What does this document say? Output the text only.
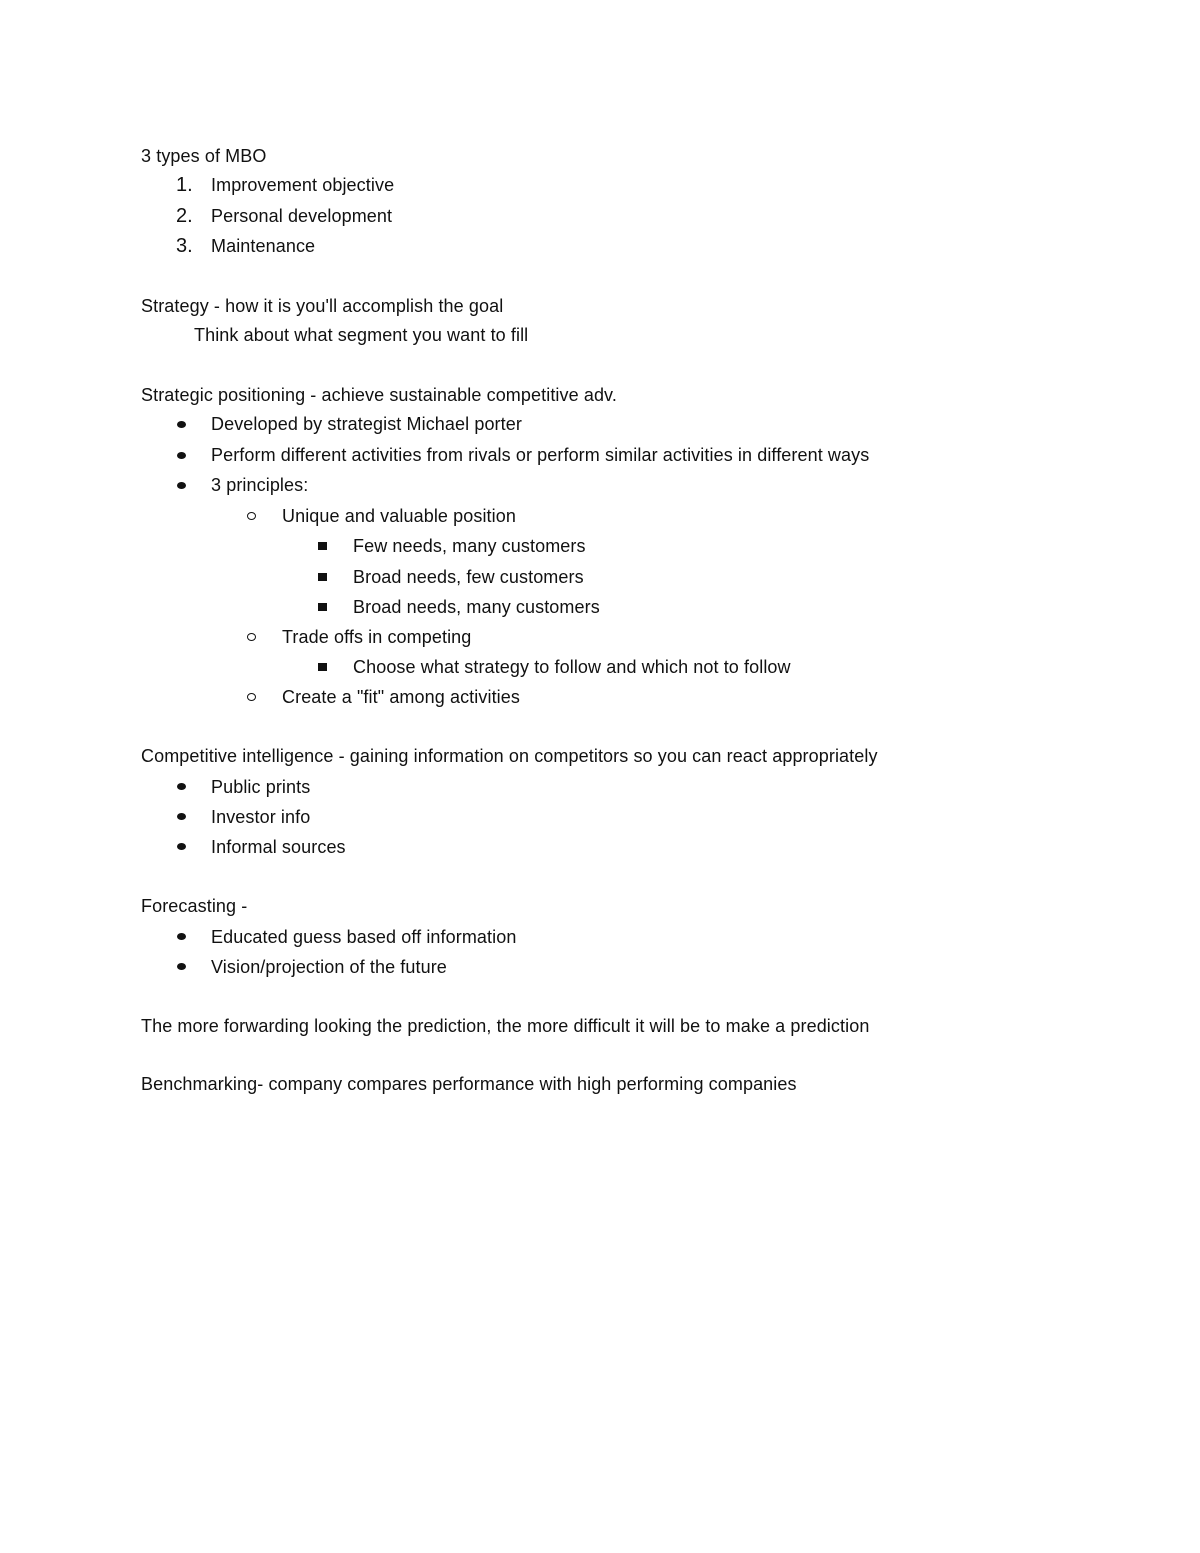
3 types of MBO
1. Improvement objective
2. Personal development
3. Maintenance
Strategy - how it is you'll accomplish the goal
Think about what segment you want to fill
Strategic positioning - achieve sustainable competitive adv.
Developed by strategist Michael porter
Perform different activities from rivals or perform similar activities in different ways
3 principles:
Unique and valuable position
Few needs, many customers
Broad needs, few customers
Broad needs, many customers
Trade offs in competing
Choose what strategy to follow and which not to follow
Create a "fit" among activities
Competitive intelligence - gaining information on competitors so you can react appropriately
Public prints
Investor info
Informal sources
Forecasting -
Educated guess based off information
Vision/projection of the future
The more forwarding looking the prediction, the more difficult it will be to make a prediction
Benchmarking- company compares performance with high performing companies
